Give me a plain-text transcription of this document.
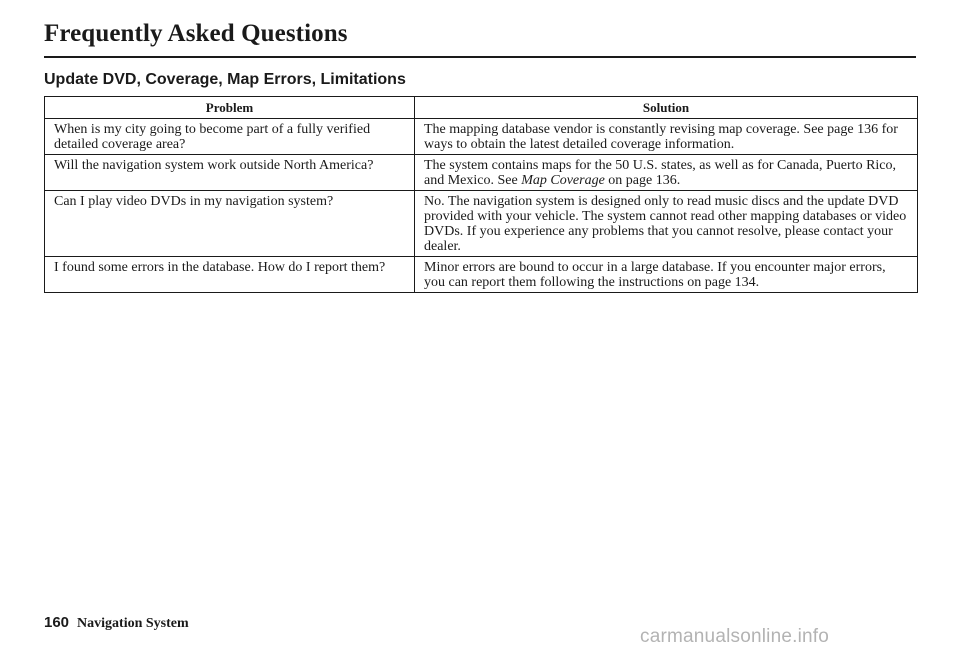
Frequently Asked Questions
Update DVD, Coverage, Map Errors, Limitations
Problem	Solution
When is my city going to become part of a fully verified detailed coverage area?	The mapping database vendor is constantly revising map coverage. See page 136 for ways to obtain the latest detailed coverage information.
Will the navigation system work outside North America?	The system contains maps for the 50 U.S. states, as well as for Canada, Puerto Rico, and Mexico. See Map Coverage on page 136.

Can I play video DVDs in my navigation system?	No. The navigation system is designed only to read music discs and the update DVD provided with your vehicle. The system cannot read other mapping databases or video DVDs. If you experience any problems that you cannot resolve, please contact your dealer.
I found some errors in the database. How do I report them?	Minor errors are bound to occur in a large database. If you encounter major errors, you can report them following the instructions on page 134.
160 Navigation System
carmanualsonline.info
